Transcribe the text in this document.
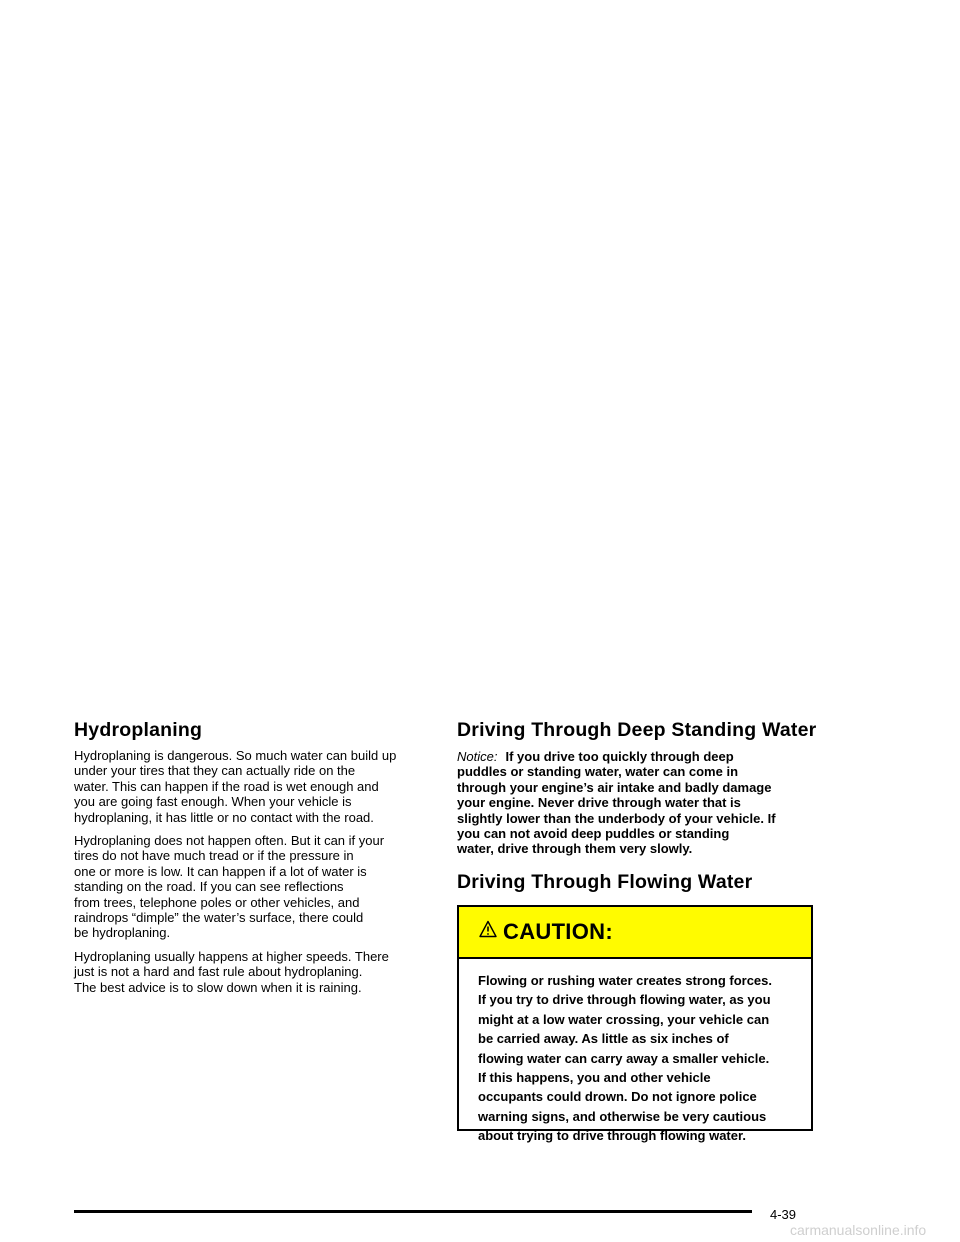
Hydroplaning

Hydroplaning is dangerous. So much water can build up
under your tires that they can actually ride on the
water. This can happen if the road is wet enough and
you are going fast enough. When your vehicle is
hydroplaning, it has little or no contact with the road.

Hydroplaning does not happen often. But it can if your
tires do not have much tread or if the pressure in
one or more is low. It can happen if a lot of water is
standing on the road. If you can see reflections
from trees, telephone poles or other vehicles, and
raindrops “dimple” the water’s surface, there could
be hydroplaning.

Hydroplaning usually happens at higher speeds. There
just is not a hard and fast rule about hydroplaning.
The best advice is to slow down when it is raining.

Driving Through Deep Standing Water

Notice: If you drive too quickly through deep
puddles or standing water, water can come in
through your engine’s air intake and badly damage
your engine. Never drive through water that is
slightly lower than the underbody of your vehicle. If
you can not avoid deep puddles or standing
water, drive through them very slowly.

Driving Through Flowing Water
CAUTION:
Flowing or rushing water creates strong forces.
If you try to drive through flowing water, as you
might at a low water crossing, your vehicle can
be carried away. As little as six inches of
flowing water can carry away a smaller vehicle.
If this happens, you and other vehicle
occupants could drown. Do not ignore police
warning signs, and otherwise be very cautious
about trying to drive through flowing water.
4-39
carmanualsonline.info
